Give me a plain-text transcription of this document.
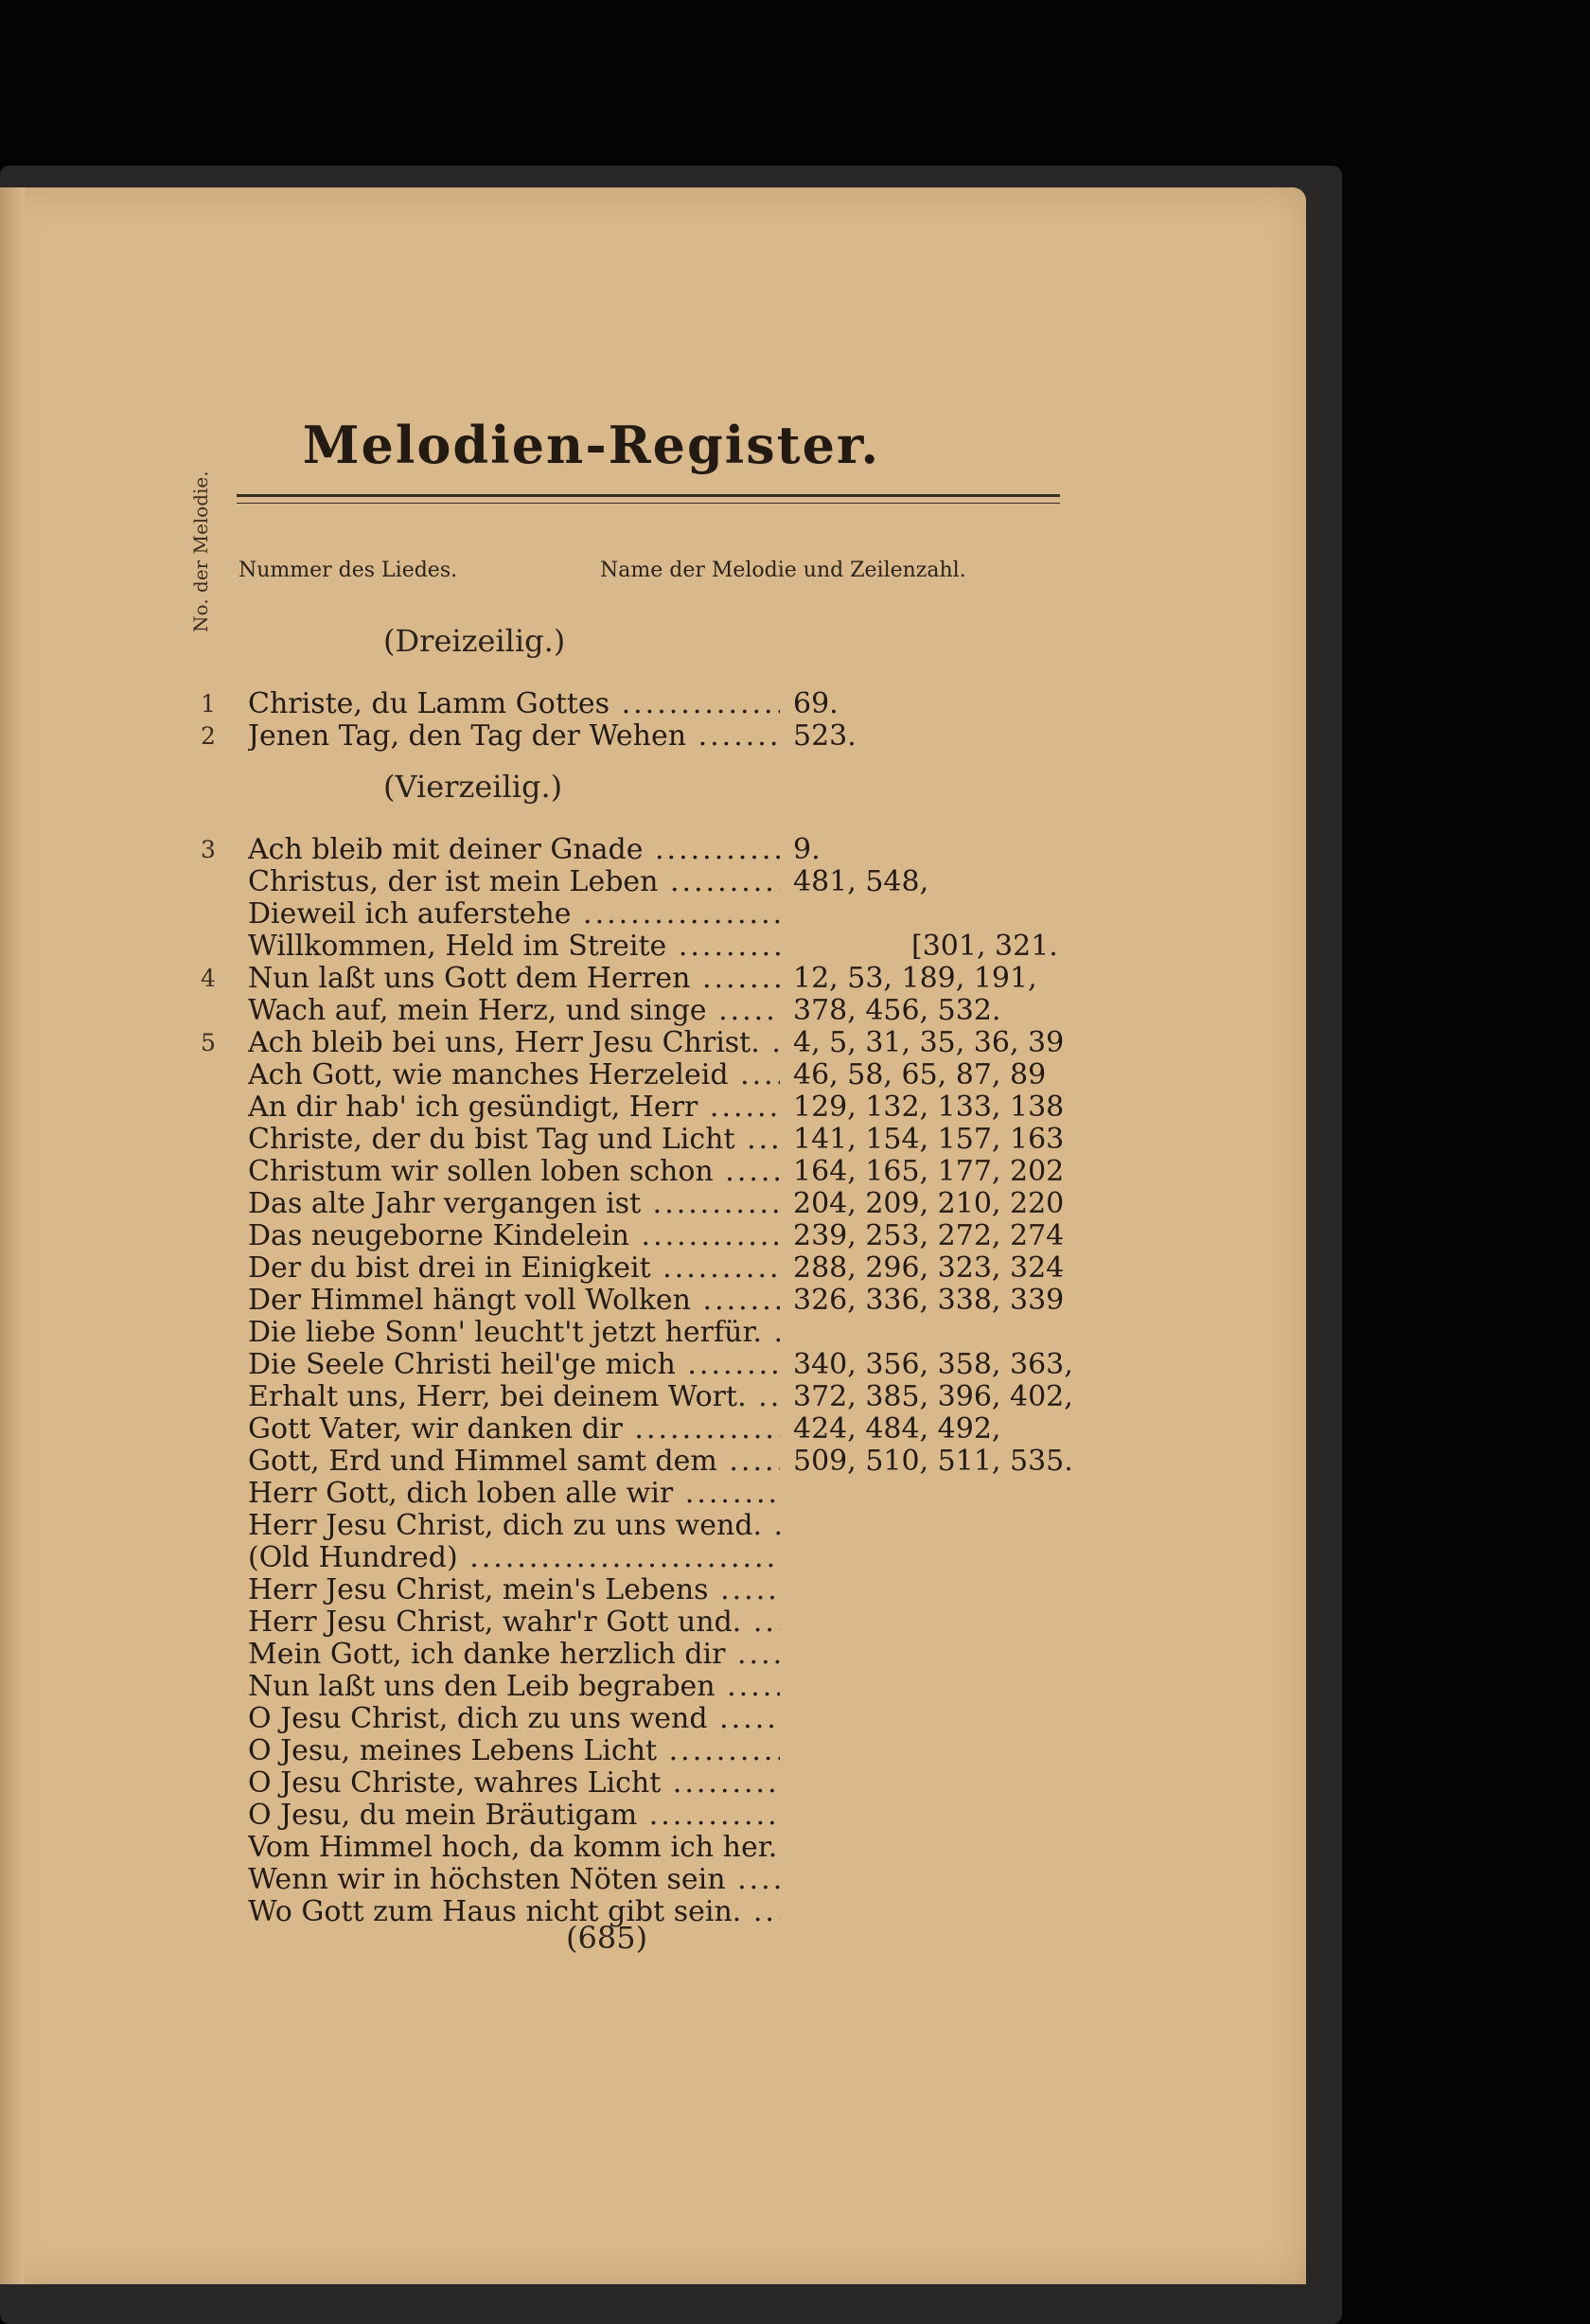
Melodien-Register.
No. der Melodie. Nummer des Liedes.	Name der Melodie und Zeilenzahl.
(Dreizeilig.)
(Vierzeilig.)
1 Christe, du Lamm Gottes .....	69.
2 Jenen Tag, den Tag der Wehen .....	523.
3 Ach bleib mit deiner Gnade .....	9.
Christus, der ist mein Leben .....	481, 548,
Dieweil ich auferstehe .....
Willkommen, Held im Streite .....	[301, 321.
4 Nun laßt uns Gott dem Herren .....	12, 53, 189, 191,
Wach auf, mein Herz, und singe .....	378, 456, 532.
5 Ach bleib bei uns, Herr Jesu Christ. .....	4, 5, 31, 35, 36, 39
Ach Gott, wie manches Herzeleid .....	46, 58, 65, 87, 89
An dir hab' ich gesündigt, Herr .....	129, 132, 133, 138
Christe, der du bist Tag und Licht .....	141, 154, 157, 163
Christum wir sollen loben schon .....	164, 165, 177, 202
Das alte Jahr vergangen ist .....	204, 209, 210, 220
Das neugeborne Kindelein .....	239, 253, 272, 274
Der du bist drei in Einigkeit .....	288, 296, 323, 324
Der Himmel hängt voll Wolken .....	326, 336, 338, 339
Die liebe Sonn' leucht't jetzt herfür. .....
Die Seele Christi heil'ge mich .....	340, 356, 358, 363,
Erhalt uns, Herr, bei deinem Wort. .....	372, 385, 396, 402,
Gott Vater, wir danken dir .....	424, 484, 492,
Gott, Erd und Himmel samt dem .....	509, 510, 511, 535.
Herr Gott, dich loben alle wir .....
Herr Jesu Christ, dich zu uns wend. .....
(Old Hundred) .....
Herr Jesu Christ, mein's Lebens .....
Herr Jesu Christ, wahr'r Gott und. .....
Mein Gott, ich danke herzlich dir .....
Nun laßt uns den Leib begraben .....
O Jesu Christ, dich zu uns wend .....
O Jesu, meines Lebens Licht .....
O Jesu Christe, wahres Licht .....
O Jesu, du mein Bräutigam .....
Vom Himmel hoch, da komm ich her. .....
Wenn wir in höchsten Nöten sein .....
Wo Gott zum Haus nicht gibt sein. .....
(685)
